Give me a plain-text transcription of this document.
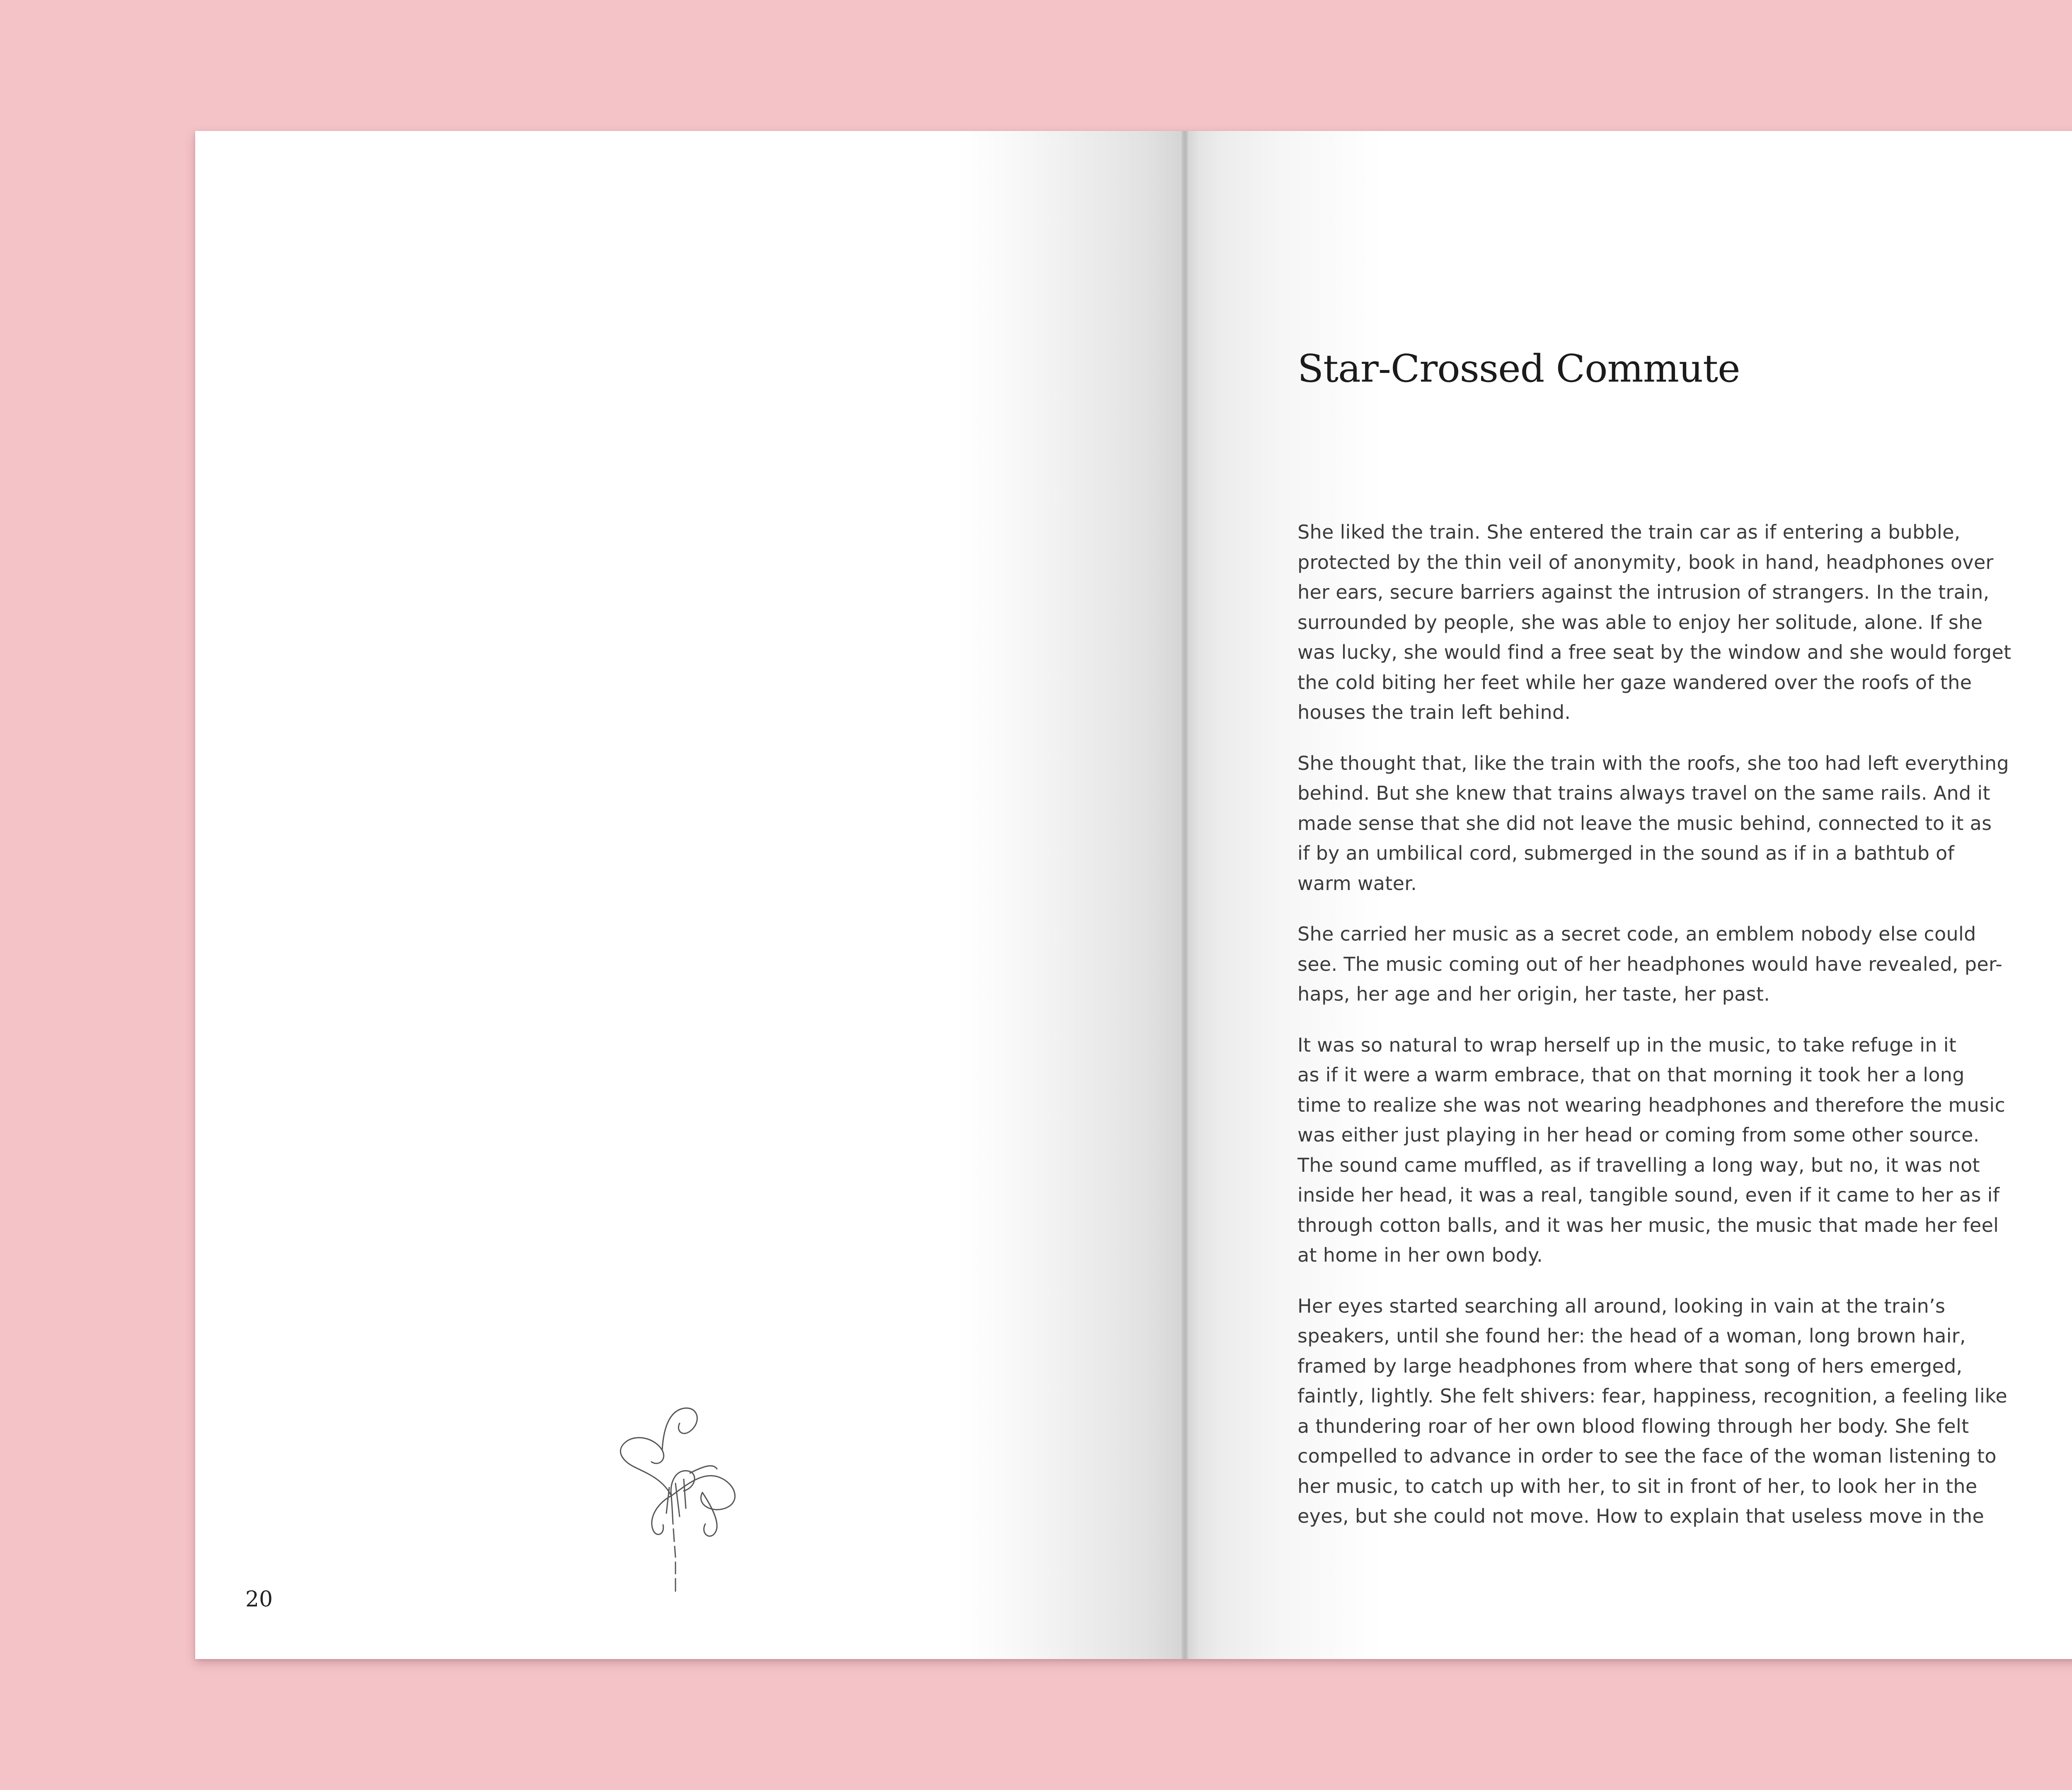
20
Star-Crossed Commute

She liked the train. She entered the train car as if entering a bubble,
protected by the thin veil of anonymity, book in hand, headphones over
her ears, secure barriers against the intrusion of strangers. In the train,
surrounded by people, she was able to enjoy her solitude, alone. If she
was lucky, she would find a free seat by the window and she would forget
the cold biting her feet while her gaze wandered over the roofs of the
houses the train left behind.

She thought that, like the train with the roofs, she too had left everything
behind. But she knew that trains always travel on the same rails. And it
made sense that she did not leave the music behind, connected to it as
if by an umbilical cord, submerged in the sound as if in a bathtub of
warm water.

She carried her music as a secret code, an emblem nobody else could
see. The music coming out of her headphones would have revealed, per-
haps, her age and her origin, her taste, her past.

It was so natural to wrap herself up in the music, to take refuge in it
as if it were a warm embrace, that on that morning it took her a long
time to realize she was not wearing headphones and therefore the music
was either just playing in her head or coming from some other source.
The sound came muffled, as if travelling a long way, but no, it was not
inside her head, it was a real, tangible sound, even if it came to her as if
through cotton balls, and it was her music, the music that made her feel
at home in her own body.

Her eyes started searching all around, looking in vain at the train’s
speakers, until she found her: the head of a woman, long brown hair,
framed by large headphones from where that song of hers emerged,
faintly, lightly. She felt shivers: fear, happiness, recognition, a feeling like
a thundering roar of her own blood flowing through her body. She felt
compelled to advance in order to see the face of the woman listening to
her music, to catch up with her, to sit in front of her, to look her in the
eyes, but she could not move. How to explain that useless move in the
